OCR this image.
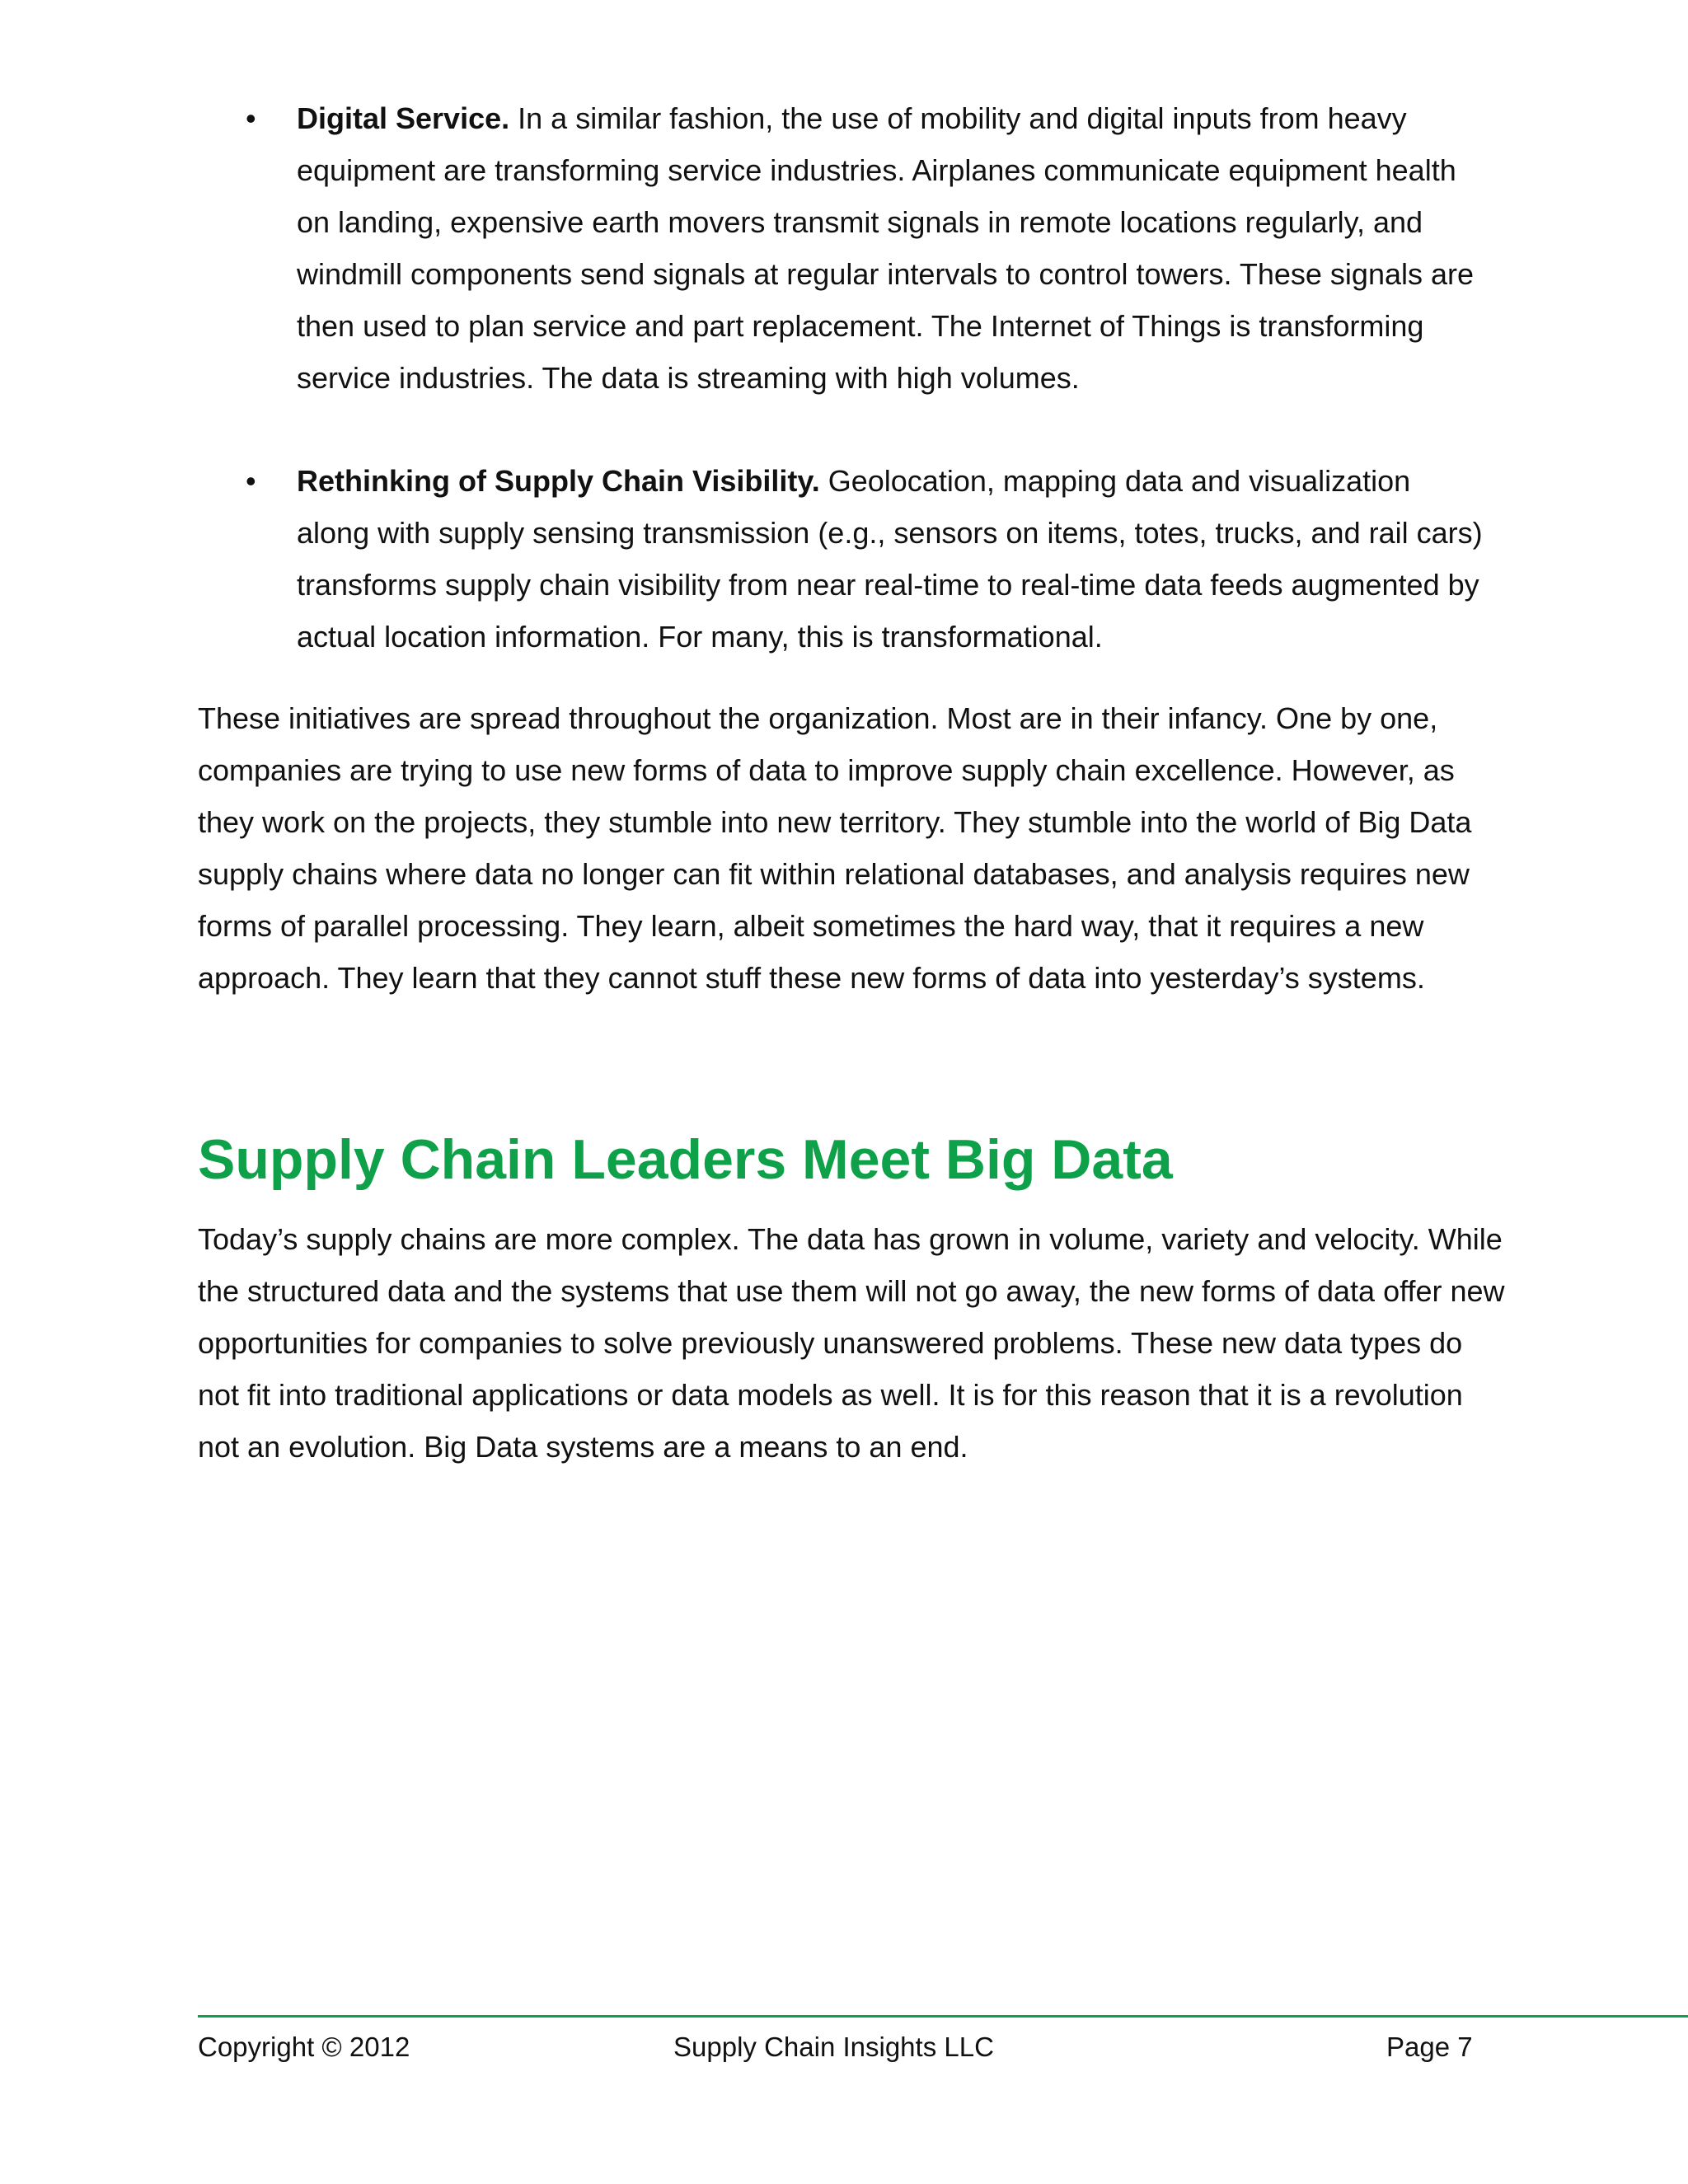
• Digital Service. In a similar fashion, the use of mobility and digital inputs from heavy equipment are transforming service industries. Airplanes communicate equipment health on landing, expensive earth movers transmit signals in remote locations regularly, and windmill components send signals at regular intervals to control towers. These signals are then used to plan service and part replacement. The Internet of Things is transforming service industries. The data is streaming with high volumes.
• Rethinking of Supply Chain Visibility. Geolocation, mapping data and visualization along with supply sensing transmission (e.g., sensors on items, totes, trucks, and rail cars) transforms supply chain visibility from near real-time to real-time data feeds augmented by actual location information. For many, this is transformational.

These initiatives are spread throughout the organization. Most are in their infancy. One by one, companies are trying to use new forms of data to improve supply chain excellence. However, as they work on the projects, they stumble into new territory. They stumble into the world of Big Data supply chains where data no longer can fit within relational databases, and analysis requires new forms of parallel processing. They learn, albeit sometimes the hard way, that it requires a new approach. They learn that they cannot stuff these new forms of data into yesterday’s systems.

Supply Chain Leaders Meet Big Data

Today’s supply chains are more complex. The data has grown in volume, variety and velocity. While the structured data and the systems that use them will not go away, the new forms of data offer new opportunities for companies to solve previously unanswered problems. These new data types do not fit into traditional applications or data models as well. It is for this reason that it is a revolution not an evolution. Big Data systems are a means to an end.

Copyright © 2012	Supply Chain Insights LLC	Page 7
